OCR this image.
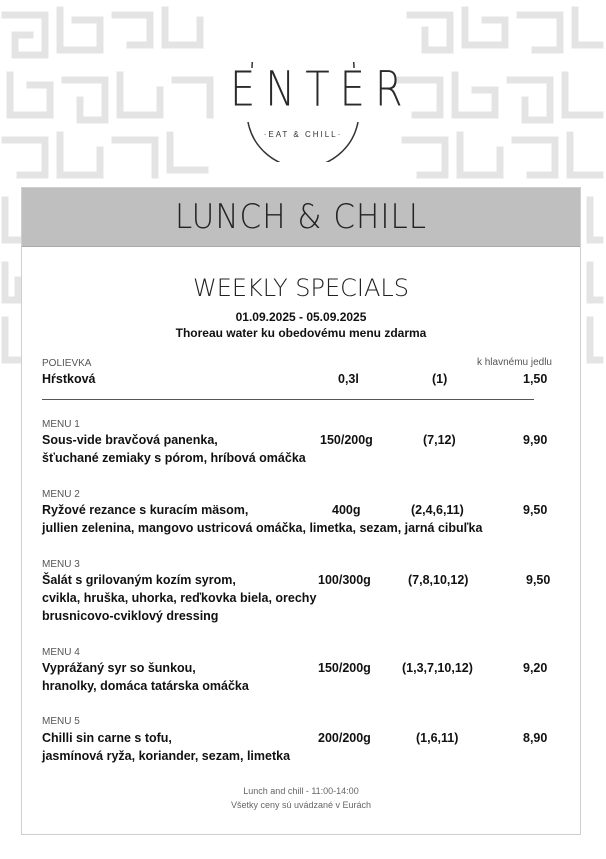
ENTER
·EAT & CHILL·
LUNCH & CHILL
WEEKLY SPECIALS
01.09.2025 - 05.09.2025
Thoreau water ku obedovému menu zdarma
POLIEVKA	k hlavnému jedlu
Hŕstková	0,3l	(1)	1,50
MENU 1
Sous-vide bravčová panenka,	150/200g	(7,12)	9,90
šťuchané zemiaky s pórom, hríbová omáčka
MENU 2
Ryžové rezance s kuracím mäsom,	400g	(2,4,6,11)	9,50
jullien zelenina, mangovo ustricová omáčka, limetka, sezam, jarná cibuľka
MENU 3
Šalát s grilovaným kozím syrom,	100/300g	(7,8,10,12)	9,50
cvikla, hruška, uhorka, reďkovka biela, orechy
brusnicovo-cviklový dressing
MENU 4
Vyprážaný syr so šunkou,	150/200g (1,3,7,10,12)	9,20
hranolky, domáca tatárska omáčka
MENU 5
Chilli sin carne s tofu,	200/200g	(1,6,11)	8,90
jasmínová ryža, koriander, sezam, limetka
Lunch and chill - 11:00-14:00
Všetky ceny sú uvádzané v Eurách
